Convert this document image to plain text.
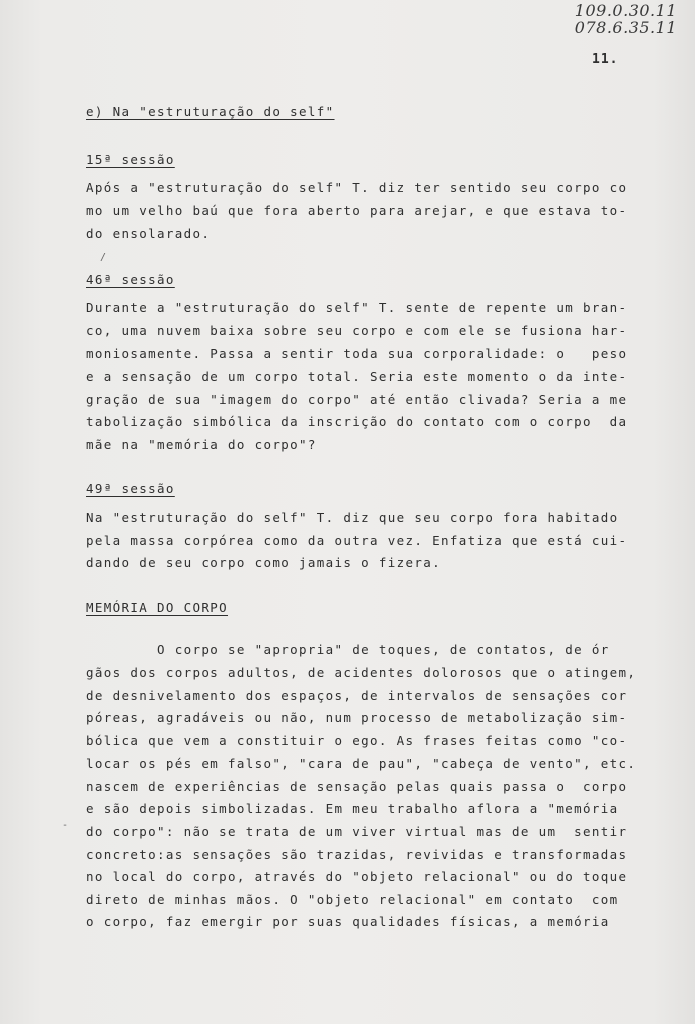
109.0.30.11
078.6.35.11
11.
e) Na "estruturação do self"
15ª sessão
Após a "estruturação do self" T. diz ter sentido seu corpo co
mo um velho baú que fora aberto para arejar, e que estava to-
do ensolarado.
46ª sessão
Durante a "estruturação do self" T. sente de repente um bran-
co, uma nuvem baixa sobre seu corpo e com ele se fusiona har-
moniosamente. Passa a sentir toda sua corporalidade: o   peso
e a sensação de um corpo total. Seria este momento o da inte-
gração de sua "imagem do corpo" até então clivada? Seria a me
tabolização simbólica da inscrição do contato com o corpo  da
mãe na "memória do corpo"?
49ª sessão
Na "estruturação do self" T. diz que seu corpo fora habitado
pela massa corpórea como da outra vez. Enfatiza que está cui-
dando de seu corpo como jamais o fizera.
MEMÓRIA DO CORPO
O corpo se "apropria" de toques, de contatos, de ór
gãos dos corpos adultos, de acidentes dolorosos que o atingem,
de desnivelamento dos espaços, de intervalos de sensações cor
póreas, agradáveis ou não, num processo de metabolização sim-
bólica que vem a constituir o ego. As frases feitas como "co-
locar os pés em falso", "cara de pau", "cabeça de vento", etc.
nascem de experiências de sensação pelas quais passa o  corpo
e são depois simbolizadas. Em meu trabalho aflora a "memória
do corpo": não se trata de um viver virtual mas de um  sentir
concreto:as sensações são trazidas, revividas e transformadas
no local do corpo, através do "objeto relacional" ou do toque
direto de minhas mãos. O "objeto relacional" em contato  com
o corpo, faz emergir por suas qualidades físicas, a memória
/
-
